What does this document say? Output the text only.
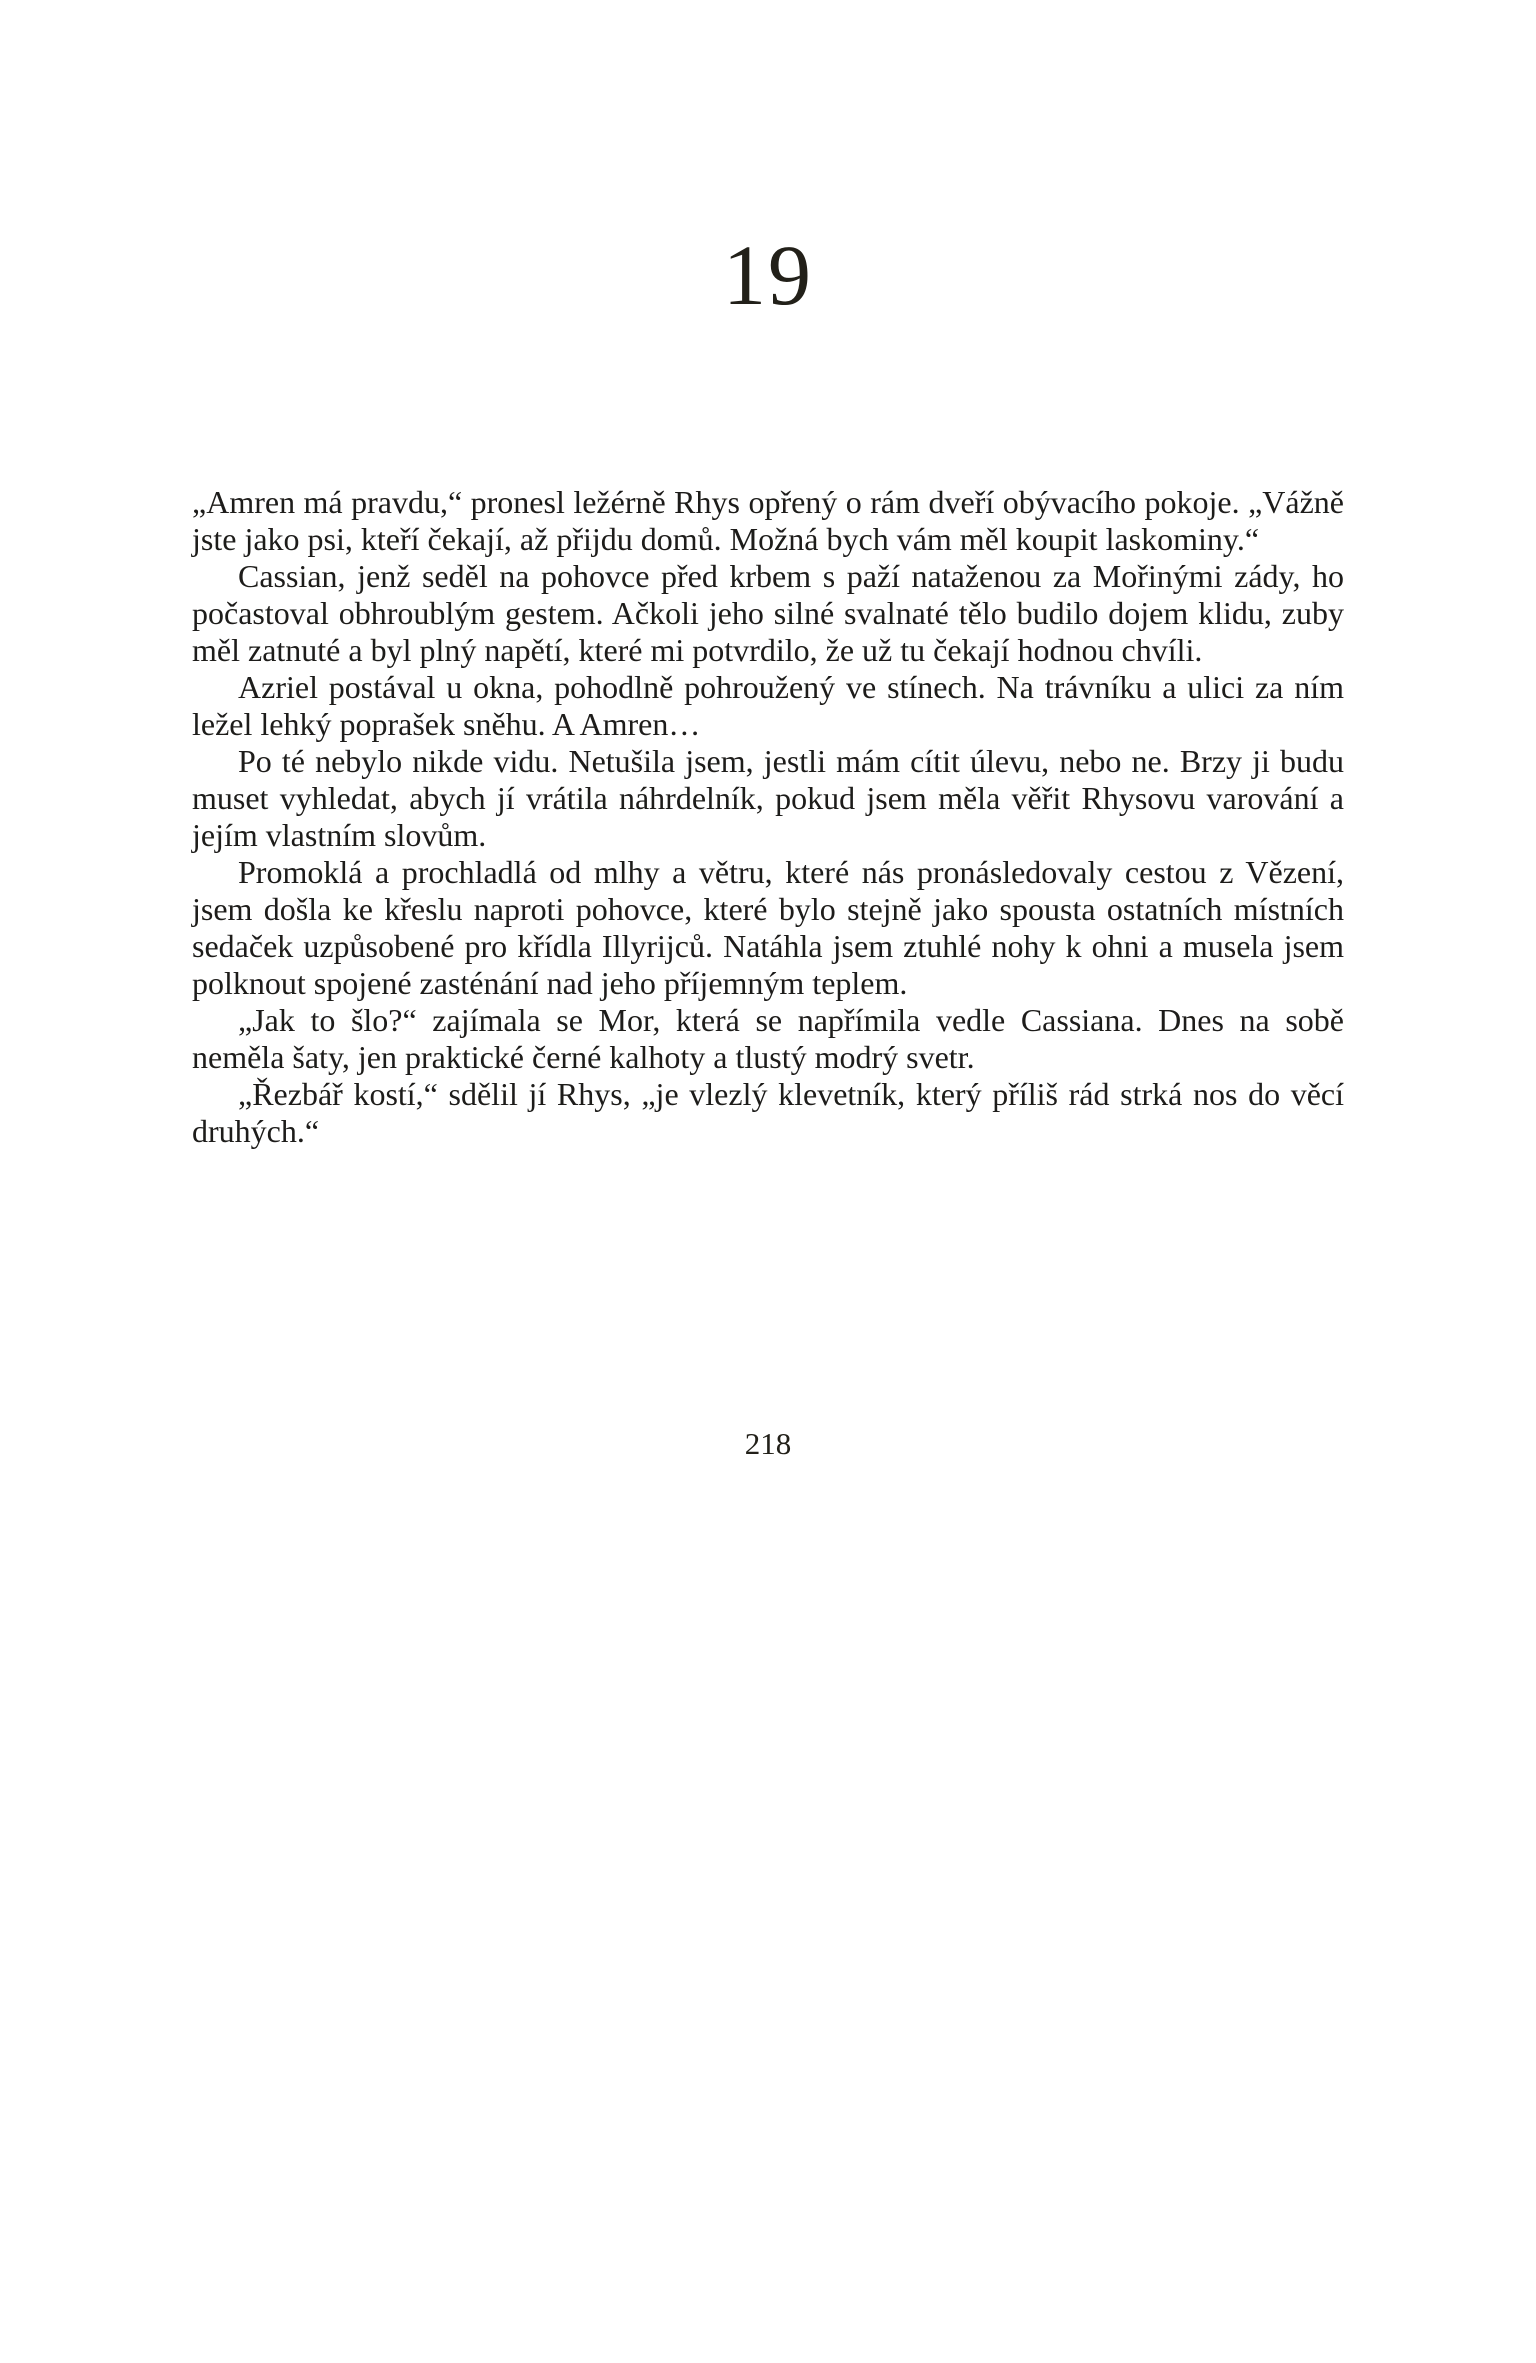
19

„Amren má pravdu,“ pronesl ležérně Rhys opřený o rám dveří obývacího pokoje. „Vážně jste jako psi, kteří čekají, až přijdu domů. Možná bych vám měl koupit laskominy.“

Cassian, jenž seděl na pohovce před krbem s paží nataženou za Mořinými zády, ho počastoval obhroublým gestem. Ačkoli jeho silné svalnaté tělo budilo dojem klidu, zuby měl zatnuté a byl plný napětí, které mi potvrdilo, že už tu čekají hodnou chvíli.

Azriel postával u okna, pohodlně pohroužený ve stínech. Na trávníku a ulici za ním ležel lehký poprašek sněhu. A Amren…

Po té nebylo nikde vidu. Netušila jsem, jestli mám cítit úlevu, nebo ne. Brzy ji budu muset vyhledat, abych jí vrátila náhrdelník, pokud jsem měla věřit Rhysovu varování a jejím vlastním slovům.

Promoklá a prochladlá od mlhy a větru, které nás pronásledovaly cestou z Vězení, jsem došla ke křeslu naproti pohovce, které bylo stejně jako spousta ostatních místních sedaček uzpůsobené pro křídla Illyrijců. Natáhla jsem ztuhlé nohy k ohni a musela jsem polknout spojené zasténání nad jeho příjemným teplem.

„Jak to šlo?“ zajímala se Mor, která se napřímila vedle Cassiana. Dnes na sobě neměla šaty, jen praktické černé kalhoty a tlustý modrý svetr.

„Řezbář kostí,“ sdělil jí Rhys, „je vlezlý klevetník, který příliš rád strká nos do věcí druhých.“

218
